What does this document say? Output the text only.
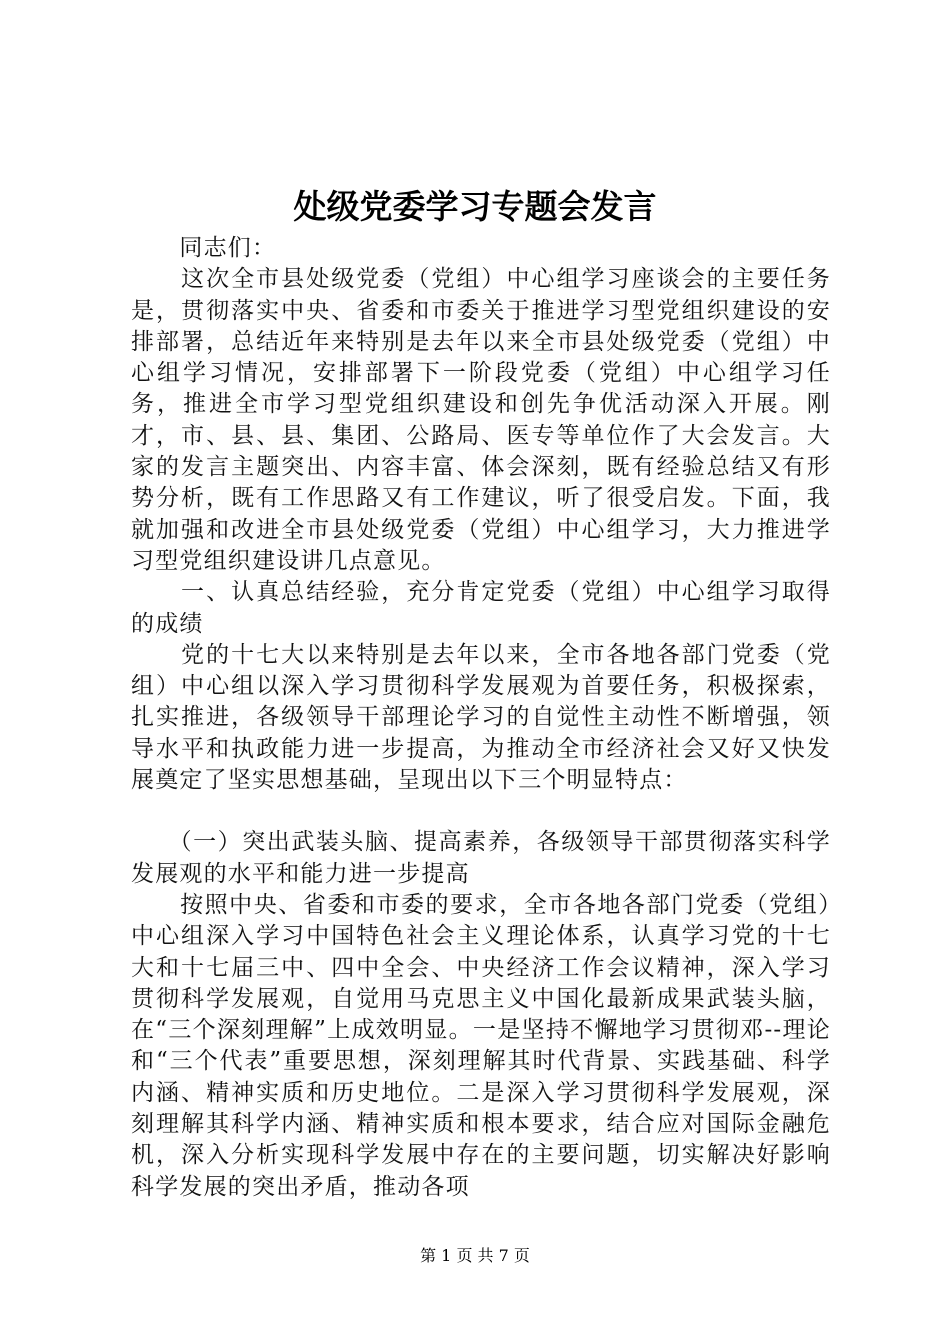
处级党委学习专题会发言

　　同志们：

　　这次全市县处级党委（党组）中心组学习座谈会的主要任务是，贯彻落实中央、省委和市委关于推进学习型党组织建设的安排部署，总结近年来特别是去年以来全市县处级党委（党组）中心组学习情况，安排部署下一阶段党委（党组）中心组学习任务，推进全市学习型党组织建设和创先争优活动深入开展。刚才，市、县、县、集团、公路局、医专等单位作了大会发言。大家的发言主题突出、内容丰富、体会深刻，既有经验总结又有形势分析，既有工作思路又有工作建议，听了很受启发。下面，我就加强和改进全市县处级党委（党组）中心组学习，大力推进学习型党组织建设讲几点意见。

　　一、认真总结经验，充分肯定党委（党组）中心组学习取得的成绩

　　党的十七大以来特别是去年以来，全市各地各部门党委（党组）中心组以深入学习贯彻科学发展观为首要任务，积极探索，扎实推进，各级领导干部理论学习的自觉性主动性不断增强，领导水平和执政能力进一步提高，为推动全市经济社会又好又快发展奠定了坚实思想基础，呈现出以下三个明显特点：

　　（一）突出武装头脑、提高素养，各级领导干部贯彻落实科学发展观的水平和能力进一步提高

　　按照中央、省委和市委的要求，全市各地各部门党委（党组）中心组深入学习中国特色社会主义理论体系，认真学习党的十七大和十七届三中、四中全会、中央经济工作会议精神，深入学习贯彻科学发展观，自觉用马克思主义中国化最新成果武装头脑，在“三个深刻理解”上成效明显。一是坚持不懈地学习贯彻邓--理论和“三个代表”重要思想，深刻理解其时代背景、实践基础、科学内涵、精神实质和历史地位。二是深入学习贯彻科学发展观，深刻理解其科学内涵、精神实质和根本要求，结合应对国际金融危机，深入分析实现科学发展中存在的主要问题，切实解决好影响科学发展的突出矛盾，推动各项

第 1 页 共 7 页
